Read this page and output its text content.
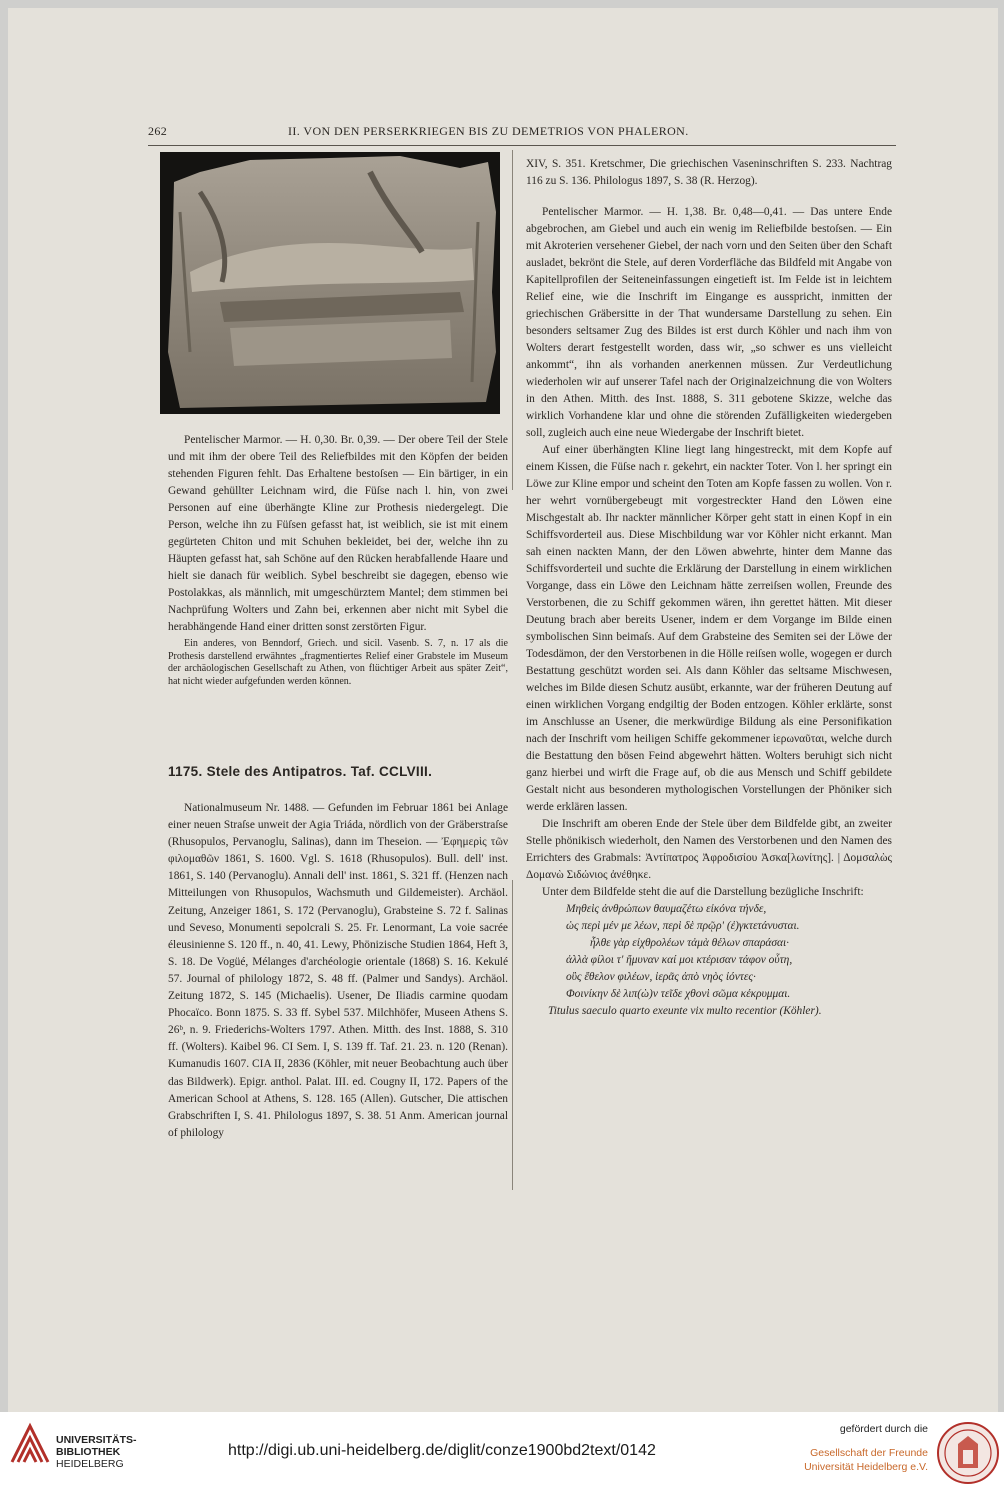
262	II. VON DEN PERSERKRIEGEN BIS ZU DEMETRIOS VON PHALERON.

Pentelischer Marmor. — H. 0,30. Br. 0,39. — Der obere Teil der Stele und mit ihm der obere Teil des Reliefbildes mit den Köpfen der beiden stehenden Figuren fehlt. Das Erhaltene bestoſsen — Ein bärtiger, in ein Gewand gehüllter Leichnam wird, die Füſse nach l. hin, von zwei Personen auf eine überhängte Kline zur Prothesis niedergelegt. Die Person, welche ihn zu Füſsen gefasst hat, ist weiblich, sie ist mit einem gegürteten Chiton und mit Schuhen bekleidet, bei der, welche ihn zu Häupten gefasst hat, sah Schöne auf den Rücken herabfallende Haare und hielt sie danach für weiblich. Sybel beschreibt sie dagegen, ebenso wie Postolakkas, als männlich, mit umgeschürztem Mantel; dem stimmen bei Nachprüfung Wolters und Zahn bei, erkennen aber nicht mit Sybel die herabhängende Hand einer dritten sonst zerstörten Figur.

Ein anderes, von Benndorf, Griech. und sicil. Vasenb. S. 7, n. 17 als die Prothesis darstellend erwähntes „fragmentiertes Relief einer Grabstele im Museum der archäologischen Gesellschaft zu Athen, von flüchtiger Arbeit aus später Zeit“, hat nicht wieder aufgefunden werden können.

1175. Stele des Antipatros. Taf. CCLVIII.

Nationalmuseum Nr. 1488. — Gefunden im Februar 1861 bei Anlage einer neuen Straſse unweit der Agia Triáda, nördlich von der Gräberstraſse (Rhusopulos, Pervanoglu, Salinas), dann im Theseion. — Ἐφημερὶς τῶν φιλομαθῶν 1861, S. 1600. Vgl. S. 1618 (Rhusopulos). Bull. dell' inst. 1861, S. 140 (Pervanoglu). Annali dell' inst. 1861, S. 321 ff. (Henzen nach Mitteilungen von Rhusopulos, Wachsmuth und Gildemeister). Archäol. Zeitung, Anzeiger 1861, S. 172 (Pervanoglu), Grabsteine S. 72 f. Salinas und Seveso, Monumenti sepolcrali S. 25. Fr. Lenormant, La voie sacrée éleusinienne S. 120 ff., n. 40, 41. Lewy, Phönizische Studien 1864, Heft 3, S. 18. De Vogüé, Mélanges d'archéologie orientale (1868) S. 16. Kekulé 57. Journal of philology 1872, S. 48 ff. (Palmer und Sandys). Archäol. Zeitung 1872, S. 145 (Michaelis). Usener, De Iliadis carmine quodam Phocaïco. Bonn 1875. S. 33 ff. Sybel 537. Milchhöfer, Museen Athens S. 26ᵇ, n. 9. Friederichs-Wolters 1797. Athen. Mitth. des Inst. 1888, S. 310 ff. (Wolters). Kaibel 96. CI Sem. I, S. 139 ff. Taf. 21. 23. n. 120 (Renan). Kumanudis 1607. CIA II, 2836 (Köhler, mit neuer Beobachtung auch über das Bildwerk). Epigr. anthol. Palat. III. ed. Cougny II, 172. Papers of the American School at Athens, S. 128. 165 (Allen). Gutscher, Die attischen Grabschriften I, S. 41. Philologus 1897, S. 38. 51 Anm. American journal of philology

XIV, S. 351. Kretschmer, Die griechischen Vaseninschriften S. 233. Nachtrag 116 zu S. 136. Philologus 1897, S. 38 (R. Herzog).

Pentelischer Marmor. — H. 1,38. Br. 0,48—0,41. — Das untere Ende abgebrochen, am Giebel und auch ein wenig im Reliefbilde bestoſsen. — Ein mit Akroterien versehener Giebel, der nach vorn und den Seiten über den Schaft ausladet, bekrönt die Stele, auf deren Vorderfläche das Bildfeld mit Angabe von Kapitellprofilen der Seiteneinfassungen eingetieft ist. Im Felde ist in leichtem Relief eine, wie die Inschrift im Eingange es ausspricht, inmitten der griechischen Gräbersitte in der That wundersame Darstellung zu sehen. Ein besonders seltsamer Zug des Bildes ist erst durch Köhler und nach ihm von Wolters derart festgestellt worden, dass wir, „so schwer es uns vielleicht ankommt“, ihn als vorhanden anerkennen müssen. Zur Verdeutlichung wiederholen wir auf unserer Tafel nach der Originalzeichnung die von Wolters in den Athen. Mitth. des Inst. 1888, S. 311 gebotene Skizze, welche das wirklich Vorhandene klar und ohne die störenden Zufälligkeiten wiedergeben soll, zugleich auch eine neue Wiedergabe der Inschrift bietet.

Auf einer überhängten Kline liegt lang hingestreckt, mit dem Kopfe auf einem Kissen, die Füſse nach r. gekehrt, ein nackter Toter. Von l. her springt ein Löwe zur Kline empor und scheint den Toten am Kopfe fassen zu wollen. Von r. her wehrt vornübergebeugt mit vorgestreckter Hand den Löwen eine Mischgestalt ab. Ihr nackter männlicher Körper geht statt in einen Kopf in ein Schiffsvorderteil aus. Diese Mischbildung war vor Köhler nicht erkannt. Man sah einen nackten Mann, der den Löwen abwehrte, hinter dem Manne das Schiffsvorderteil und suchte die Erklärung der Darstellung in einem wirklichen Vorgange, dass ein Löwe den Leichnam hätte zerreiſsen wollen, Freunde des Verstorbenen, die zu Schiff gekommen wären, ihn gerettet hätten. Mit dieser Deutung brach aber bereits Usener, indem er dem Vorgange im Bilde einen symbolischen Sinn beimaſs. Auf dem Grabsteine des Semiten sei der Löwe der Todesdämon, der den Verstorbenen in die Hölle reiſsen wolle, wogegen er durch Bestattung geschützt worden sei. Als dann Köhler das seltsame Mischwesen, welches im Bilde diesen Schutz ausübt, erkannte, war der früheren Deutung auf einen wirklichen Vorgang endgiltig der Boden entzogen. Köhler erklärte, sonst im Anschlusse an Usener, die merkwürdige Bildung als eine Personifikation nach der Inschrift vom heiligen Schiffe gekommener ἱερωναῦται, welche durch die Bestattung den bösen Feind abgewehrt hätten. Wolters beruhigt sich nicht ganz hierbei und wirft die Frage auf, ob die aus Mensch und Schiff gebildete Gestalt nicht aus besonderen mythologischen Vorstellungen der Phöniker sich werde erklären lassen.

Die Inschrift am oberen Ende der Stele über dem Bildfelde gibt, an zweiter Stelle phönikisch wiederholt, den Namen des Verstorbenen und den Namen des Errichters des Grabmals: Ἀντίπατρος Ἀφροδισίου Ἀσκα[λωνίτης]. | Δομσαλὼς Δομανὼ Σιδώνιος ἀνέθηκε.

Unter dem Bildfelde steht die auf die Darstellung bezügliche Inschrift:

Μηθεὶς ἀνθρώπων θαυμαζέτω εἰκόνα τήνδε,

ὡς περὶ μέν με λέων, περὶ δὲ πρῷρ' (ἐ)γκτετάνυσται.

ἦλθε γὰρ εἰχθρολέων τἀμὰ θέλων σπαράσαι·

ἀλλὰ φίλοι τ' ἤμυναν καί μοι κτέρισαν τάφον οὗτη,

οὓς ἔθελον φιλέων, ἱερᾶς ἀπὸ νηὸς ἰόντες·

Φοινίκην δὲ λιπ(ὼ)ν τεῖδε χθονὶ σῶμα κέκρυμμαι.

Titulus saeculo quarto exeunte vix multo recentior (Köhler).

UNIVERSITÄTS-
BIBLIOTHEK
HEIDELBERG
http://digi.ub.uni-heidelberg.de/diglit/conze1900bd2text/0142
gefördert durch die
Gesellschaft der Freunde
Universität Heidelberg e.V.
